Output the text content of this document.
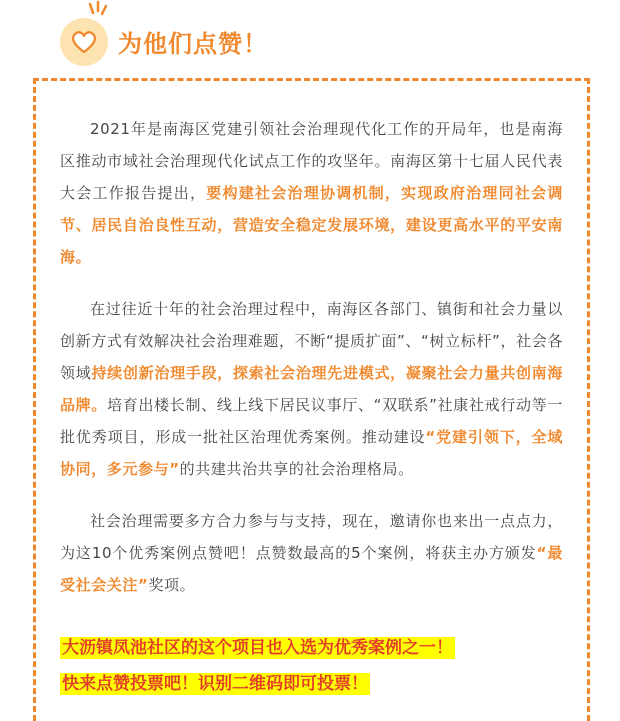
为他们点赞！

2021年是南海区党建引领社会治理现代化工作的开局年，也是南海区推动市域社会治理现代化试点工作的攻坚年。南海区第十七届人民代表大会工作报告提出，要构建社会治理协调机制，实现政府治理同社会调节、居民自治良性互动，营造安全稳定发展环境，建设更高水平的平安南海。

在过往近十年的社会治理过程中，南海区各部门、镇街和社会力量以创新方式有效解决社会治理难题，不断“提质扩面”、“树立标杆”，社会各领域持续创新治理手段，探索社会治理先进模式，凝聚社会力量共创南海品牌。培育出楼长制、线上线下居民议事厅、“双联系”社康社戒行动等一批优秀项目，形成一批社区治理优秀案例。推动建设“党建引领下，全域协同，多元参与”的共建共治共享的社会治理格局。

社会治理需要多方合力参与与支持，现在，邀请你也来出一点点力，为这10个优秀案例点赞吧！点赞数最高的5个案例，将获主办方颁发“最受社会关注”奖项。

大沥镇凤池社区的这个项目也入选为优秀案例之一！
快来点赞投票吧！识别二维码即可投票！
